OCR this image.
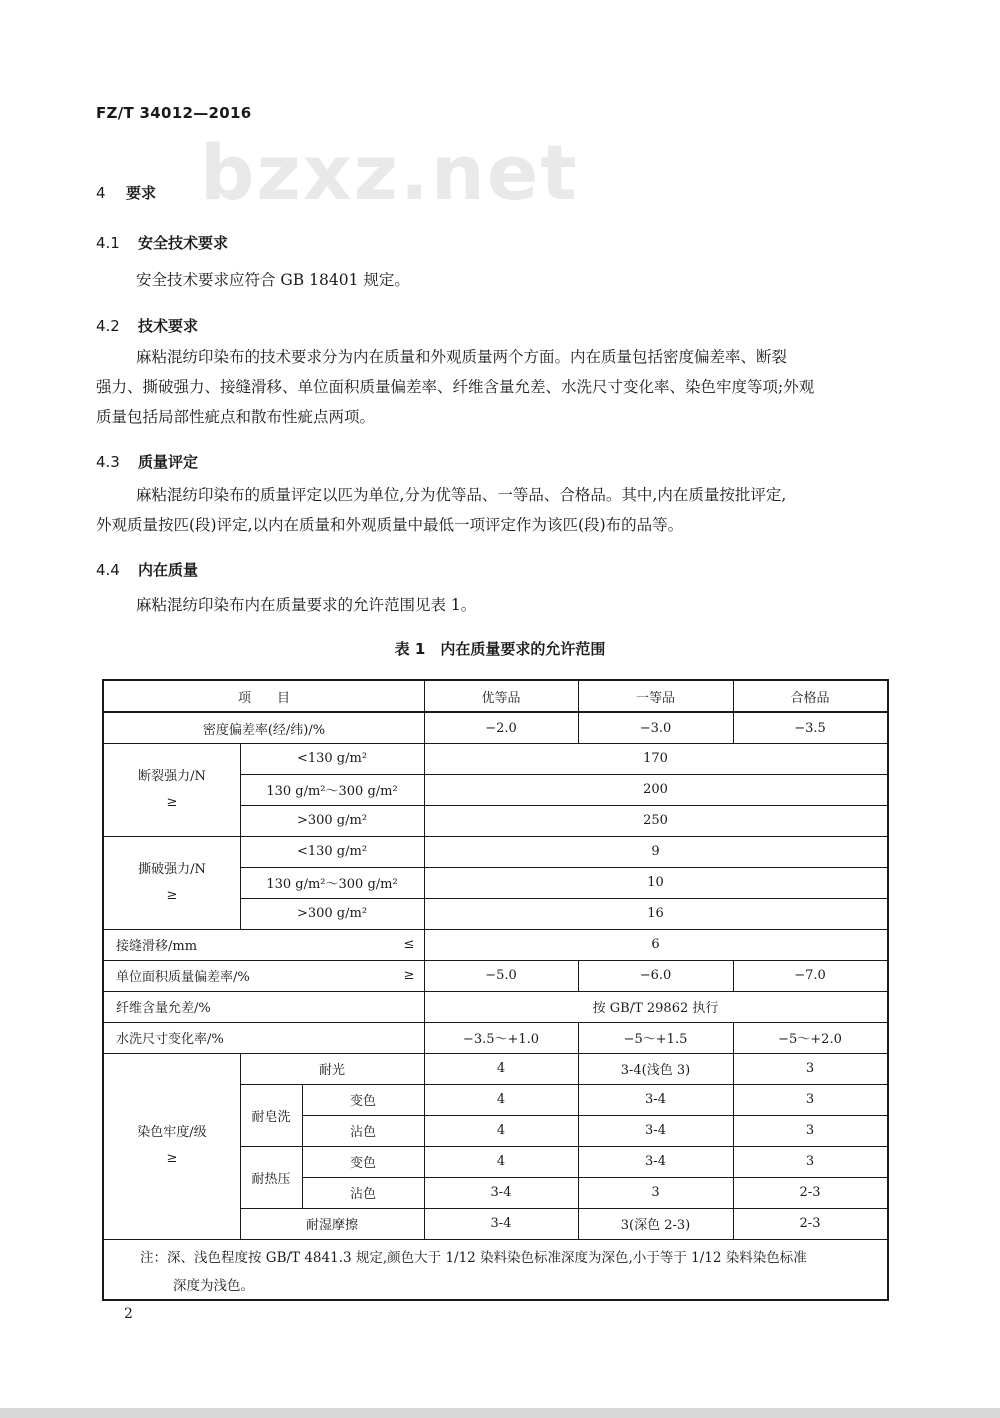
FZ/T 34012—2016
bzxz.net
4 要求
4.1 安全技术要求
安全技术要求应符合 GB 18401 规定。
4.2 技术要求
麻粘混纺印染布的技术要求分为内在质量和外观质量两个方面。内在质量包括密度偏差率、断裂
强力、撕破强力、接缝滑移、单位面积质量偏差率、纤维含量允差、水洗尺寸变化率、染色牢度等项;外观
质量包括局部性疵点和散布性疵点两项。
4.3 质量评定
麻粘混纺印染布的质量评定以匹为单位,分为优等品、一等品、合格品。其中,内在质量按批评定,
外观质量按匹(段)评定,以内在质量和外观质量中最低一项评定作为该匹(段)布的品等。
4.4 内在质量
麻粘混纺印染布内在质量要求的允许范围见表 1。
表 1　内在质量要求的允许范围
项　　目	优等品	一等品	合格品
密度偏差率(经/纬)/%	−2.0	−3.0	−3.5
断裂强力/N
≥
<130 g/m²	170
130 g/m²～300 g/m²	200
>300 g/m²	250
撕破强力/N
≥
<130 g/m²	9
130 g/m²～300 g/m²	10
>300 g/m²	16
接缝滑移/mm	≤	6
单位面积质量偏差率/%	≥	−5.0	−6.0	−7.0
纤维含量允差/%	按 GB/T 29862 执行
水洗尺寸变化率/%	−3.5～+1.0	−5～+1.5	−5～+2.0
染色牢度/级
≥
耐光	4	3-4(浅色 3)	3
耐皂洗
变色	4	3-4	3
沾色	4	3-4	3
耐热压
变色	4	3-4	3
沾色	3-4	3	2-3
耐湿摩擦	3-4	3(深色 2-3)	2-3
注：深、浅色程度按 GB/T 4841.3 规定,颜色大于 1/12 染料染色标准深度为深色,小于等于 1/12 染料染色标准
深度为浅色。
2
